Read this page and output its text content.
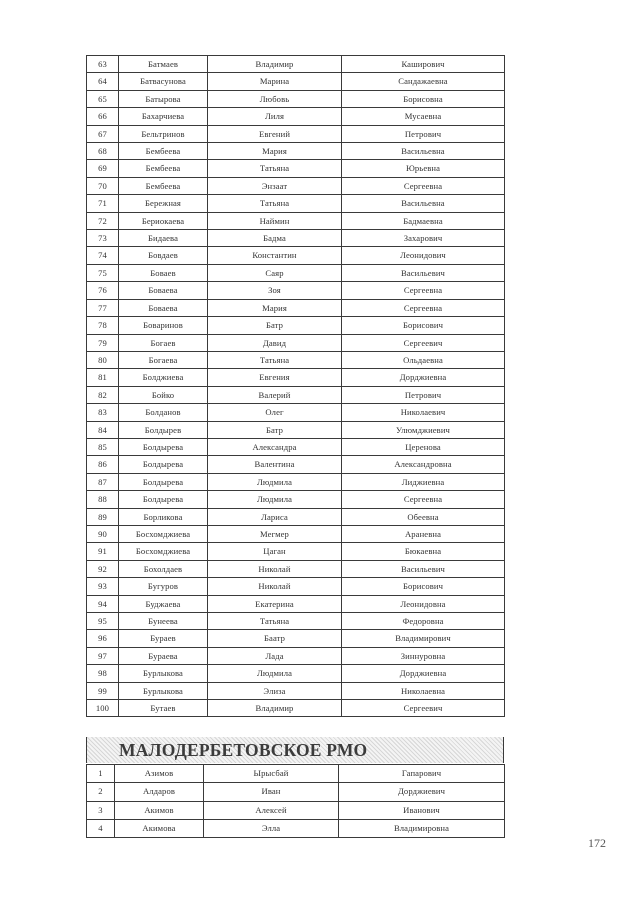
63	Батмаев	Владимир	Каширович
64	Батвасунова	Марина	Сандажаевна
65	Батырова	Любовь	Борисовна
66	Бахарчиева	Лиля	Мусаевна
67	Бельтринов	Евгений	Петрович
68	Бембеева	Мария	Васильевна
69	Бембеева	Татьяна	Юрьевна
70	Бембеева	Энзаат	Сергеевна
71	Бережная	Татьяна	Васильевна
72	Бериокаева	Наймин	Бадмаевна
73	Бидаева	Бадма	Захарович
74	Бовдаев	Константин	Леонидович
75	Боваев	Саяр	Васильевич
76	Боваева	Зоя	Сергеевна
77	Боваева	Мария	Сергеевна
78	Боваринов	Батр	Борисович
79	Богаев	Давид	Сергеевич
80	Богаева	Татьяна	Ольдаевна
81	Болджиева	Евгения	Дорджиевна
82	Бойко	Валерий	Петрович
83	Болданов	Олег	Николаевич
84	Болдырев	Батр	Улюмджиевич
85	Болдырева	Александра	Церенова
86	Болдырева	Валентина	Александровна
87	Болдырева	Людмила	Лиджиевна
88	Болдырева	Людмила	Сергеевна
89	Борликова	Лариса	Обеевна
90	Босхомджиева	Мегмер	Араневна
91	Босхомджиева	Цаган	Бюкаевна
92	Бохолдаев	Николай	Васильевич
93	Бугуров	Николай	Борисович
94	Буджаева	Екатерина	Леонидовна
95	Бунеева	Татьяна	Федоровна
96	Бураев	Баатр	Владимирович
97	Бураева	Лада	Зиннуровна
98	Бурлыкова	Людмила	Дорджиевна
99	Бурлыкова	Элиза	Николаевна
100	Бутаев	Владимир	Сергеевич
МАЛОДЕРБЕТОВСКОЕ РМО
1	Азимов	Ырысбай	Гапарович
2	Алдаров	Иван	Дорджиевич
3	Акимов	Алексей	Иванович
4	Акимова	Элла	Владимировна
172
